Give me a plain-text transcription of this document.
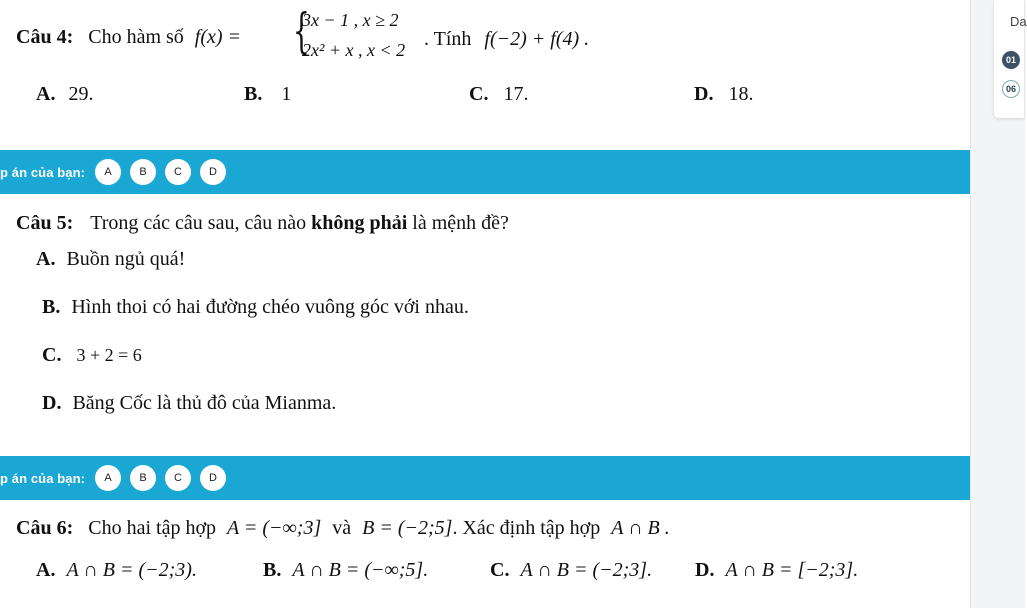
Câu 4: Cho hàm số f(x) = {
3x − 1 , x ≥ 2
2x² + x , x < 2 . Tính f(−2) + f(4) .
A. 29.	B. 1	C. 17.	D. 18.
p án của bạn:	A	B	C	D
Câu 5: Trong các câu sau, câu nào không phải là mệnh đề?
A. Buồn ngủ quá!
B. Hình thoi có hai đường chéo vuông góc với nhau.
C. 3 + 2 = 6
D. Băng Cốc là thủ đô của Mianma.
p án của bạn:	A	B	C	D
Câu 6: Cho hai tập hợp A = (−∞;3] và B = (−2;5]. Xác định tập hợp A ∩ B .
A. A ∩ B = (−2;3).	B. A ∩ B = (−∞;5].	C. A ∩ B = (−2;3]. D. A ∩ B = [−2;3].
Da
01
06
